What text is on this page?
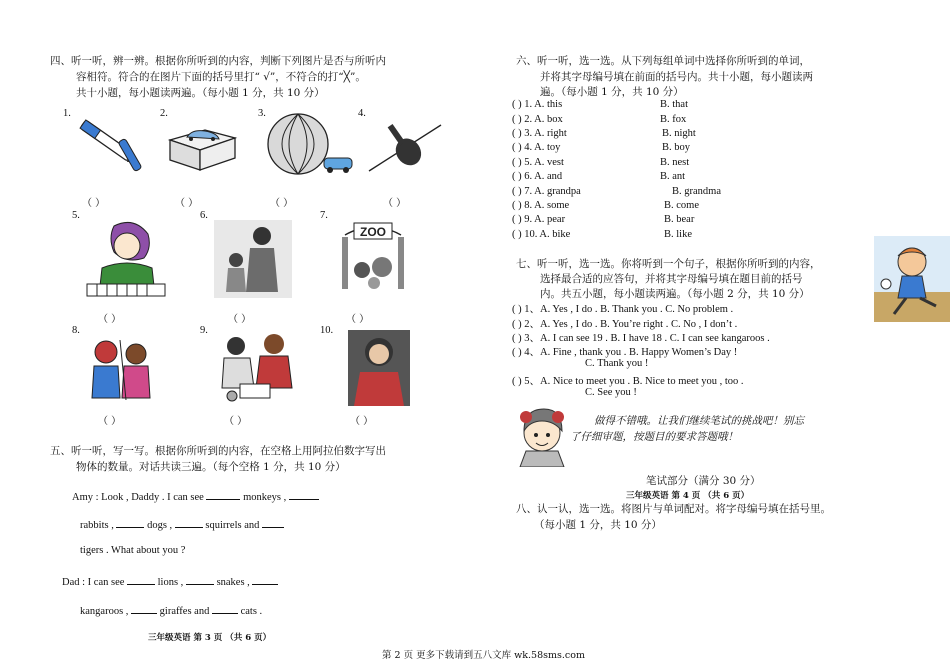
四、听一听，辨一辨。根据你所听到的内容，判断下列图片是否与所听内
容相符。符合的在图片下面的括号里打“ √”，不符合的打“╳”。
共十小题，每小题读两遍。（每小题 1 分，共 10 分）
1.	2.	3.	4.
（ ）	（ ）	（ ）	（ ）
5.	6.	7.
ZOO
（ ）	（ ）	（ ）
8.	9.	10.
（ ）	（ ）	（ ）
五、听一听，写一写。根据你所听到的内容，在空格上用阿拉伯数字写出
物体的数量。对话共读三遍。（每个空格 1 分，共 10 分）
Amy : Look , Daddy . I can see	monkeys ,
rabbits ,	dogs ,	squirrels and
tigers . What about you ?
Dad : I can see	lions ,	snakes ,
kangaroos ,	giraffes and	cats .
三年级英语 第 3 页 （共 6 页）
六、听一听，选一选。从下列每组单词中选择你所听到的单词，
并将其字母编号填在前面的括号内。共十小题，每小题读两
遍。（每小题 1 分，共 10 分）
( ) 1. A. this	B. that
( ) 2. A. box	B. fox
( ) 3. A. right	B. night
( ) 4. A. toy	B. boy
( ) 5. A. vest	B. nest
( ) 6. A. and	B. ant
( ) 7. A. grandpa	B. grandma
( ) 8. A. some	B. come
( ) 9. A. pear	B. bear
( ) 10. A. bike	B. like
七、听一听，选一选。你将听到一个句子，根据你所听到的内容，
选择最合适的应答句，并将其字母编号填在题目前的括号
内。共五小题，每小题读两遍。（每小题 2 分，共 10 分）
( ) 1、A. Yes , I do . B. Thank you . C. No problem .
( ) 2、A. Yes , I do . B. You’re right . C. No , I don’t .
( ) 3、A. I can see 19 . B. I have 18 . C. I can see kangaroos .
( ) 4、A. Fine , thank you . B. Happy Women’s Day !
C. Thank you !
( ) 5、A. Nice to meet you . B. Nice to meet you , too .
C. See you !
做得不错哦。让我们继续笔试的挑战吧！别忘
了仔细审题，按题目的要求答题哦！
笔试部分（满分 30 分）
三年级英语 第 4 页 （共 6 页）
八、认一认，选一选。将图片与单词配对。将字母编号填在括号里。
（每小题 1 分，共 10 分）
第 2 页 更多下载请到五八文库 wk.58sms.com
